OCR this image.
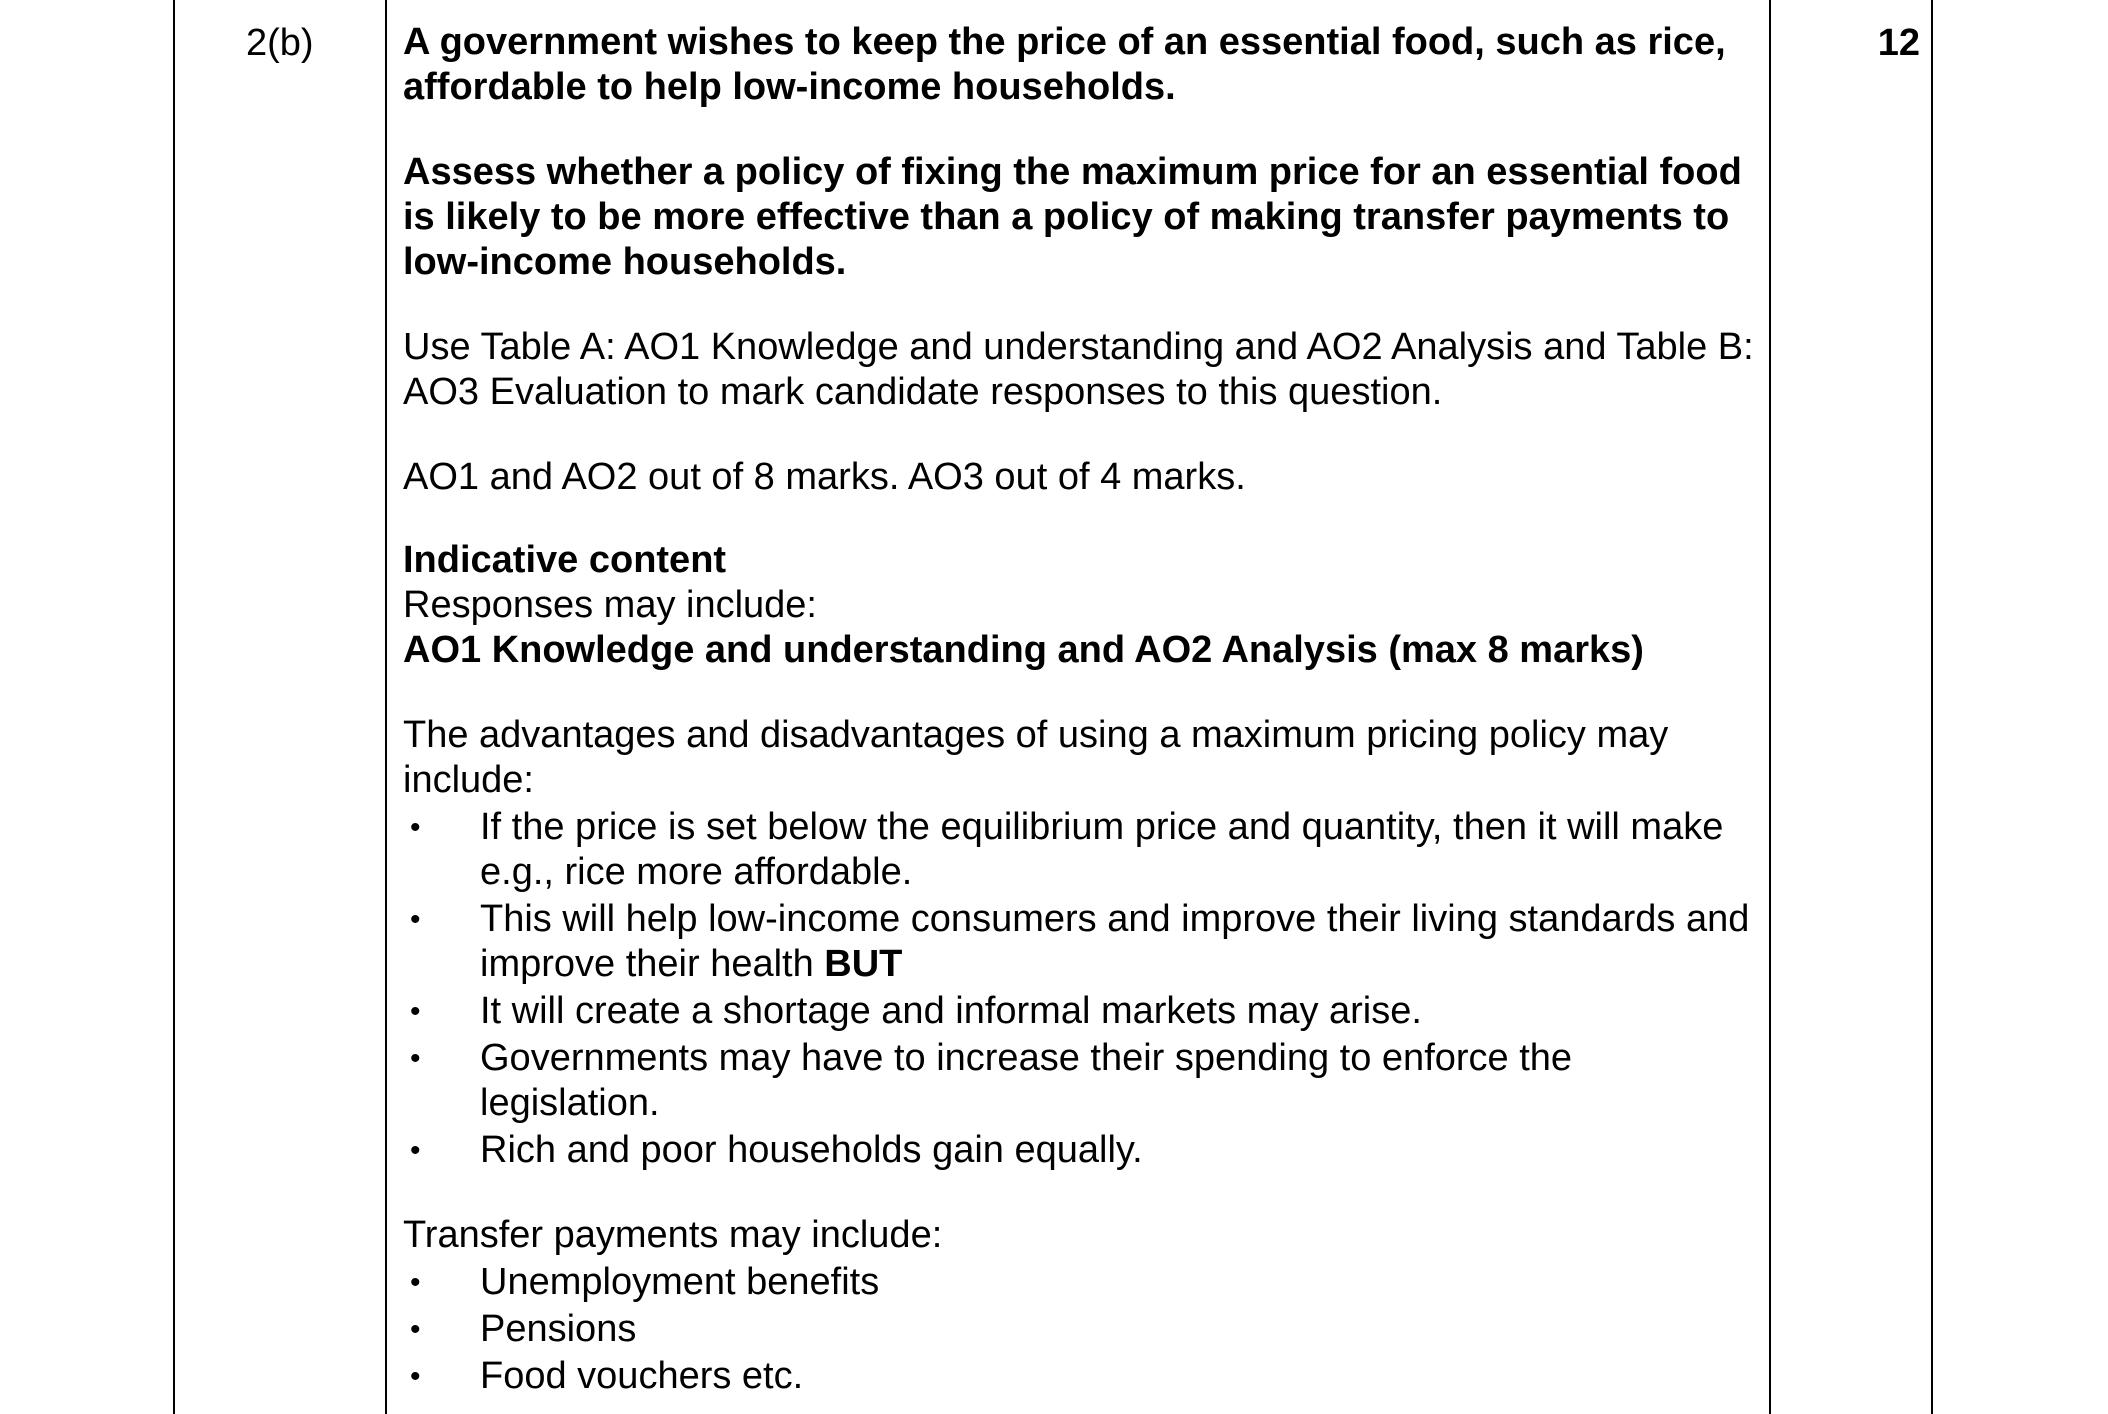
2(b)	12

A government wishes to keep the price of an essential food, such as rice, affordable to help low-income households.

Assess whether a policy of fixing the maximum price for an essential food is likely to be more effective than a policy of making transfer payments to low-income households.

Use Table A: AO1 Knowledge and understanding and AO2 Analysis and Table B: AO3 Evaluation to mark candidate responses to this question.

AO1 and AO2 out of 8 marks. AO3 out of 4 marks.

Indicative content

Responses may include:

AO1 Knowledge and understanding and AO2 Analysis (max 8 marks)

The advantages and disadvantages of using a maximum pricing policy may include:

• If the price is set below the equilibrium price and quantity, then it will make e.g., rice more affordable.
• This will help low-income consumers and improve their living standards and improve their health BUT
• It will create a shortage and informal markets may arise.
• Governments may have to increase their spending to enforce the legislation.
• Rich and poor households gain equally.

Transfer payments may include:

• Unemployment benefits
• Pensions
• Food vouchers etc.
